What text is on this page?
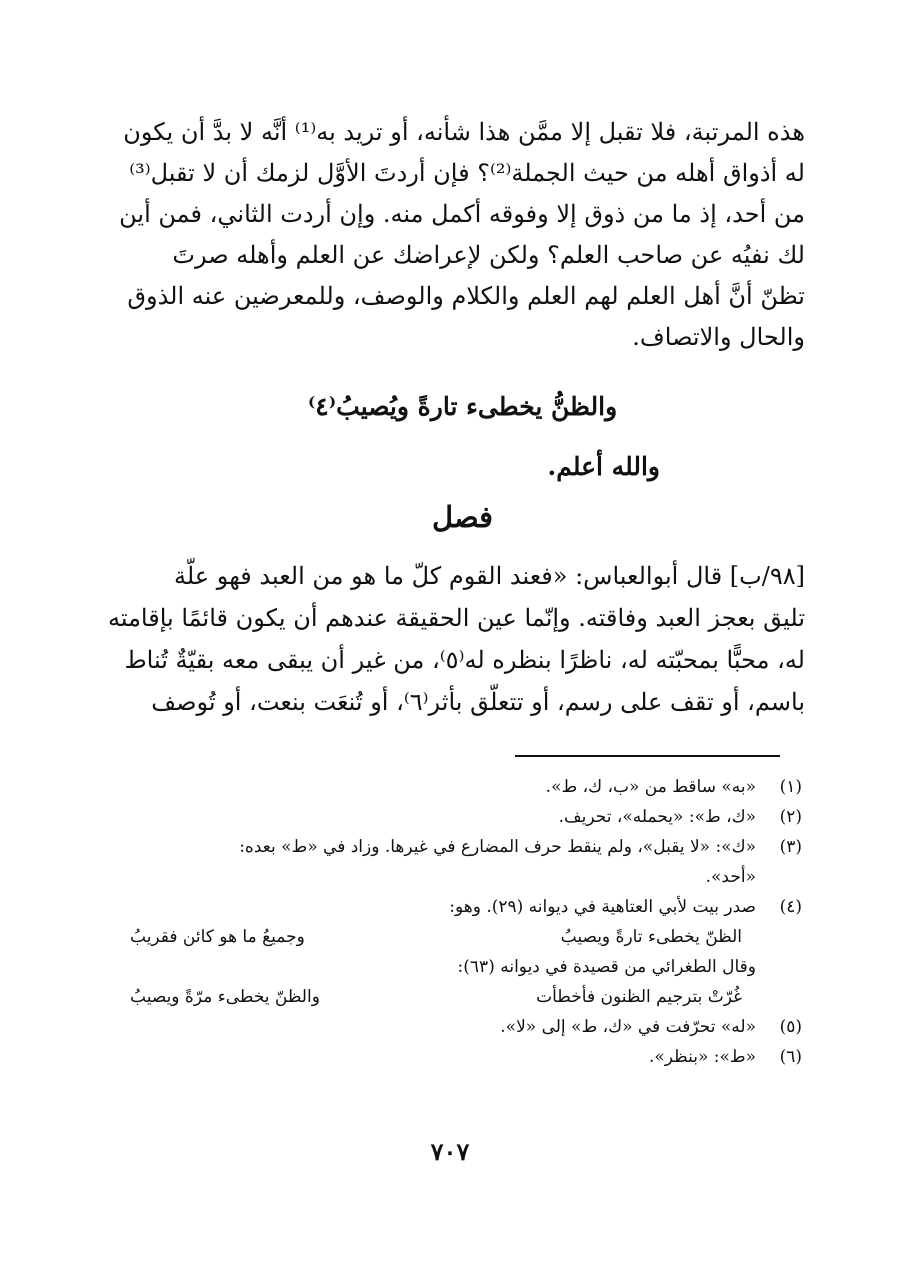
هذه المرتبة، فلا تقبل إلا ممَّن هذا شأنه، أو تريد به⁽¹⁾ أنَّه لا بدَّ أن يكون
له أذواق أهله من حيث الجملة⁽²⁾؟ فإن أردتَ الأوَّل لزمك أن لا تقبل⁽³⁾
من أحد، إذ ما من ذوق إلا وفوقه أكمل منه. وإن أردت الثاني، فمن أين
لك نفيُه عن صاحب العلم؟ ولكن لإعراضك عن العلم وأهله صرتَ
تظنّ أنَّ أهل العلم لهم العلم والكلام والوصف، وللمعرضين عنه الذوق
والحال والاتصاف.
والظنُّ يخطىء تارةً ويُصيبُ⁽٤⁾
والله أعلم.
فصل
[٩٨/ب] قال أبوالعباس: «فعند القوم كلّ ما هو من العبد فهو علّة
تليق بعجز العبد وفاقته. وإنّما عين الحقيقة عندهم أن يكون قائمًا بإقامته
له، محبًّا بمحبّته له، ناظرًا بنظره له⁽٥⁾، من غير أن يبقى معه بقيّةٌ تُناط
باسم، أو تقف على رسم، أو تتعلّق بأثر⁽٦⁾، أو تُنعَت بنعت، أو تُوصف
(١)
«به» ساقط من «ب، ك، ط».
(٢)
«ك، ط»: «يحمله»، تحريف.
(٣)
«ك»: «لا يقبل»، ولم ينقط حرف المضارع في غيرها. وزاد في «ط» بعده:
«أحد».
(٤)
صدر بيت لأبي العتاهية في ديوانه (٢٩). وهو:
الظنّ يخطىء تارةً ويصيبُ
وجميعُ ما هو كائن فقريبُ
وقال الطغرائي من قصيدة في ديوانه (٦٣):
غُرّتْ بترجيم الظنون فأخطأت
والظنّ يخطىء مرّةً ويصيبُ
(٥)
«له» تحرّفت في «ك، ط» إلى «لا».
(٦)
«ط»: «بنظر».
٧٠٧
